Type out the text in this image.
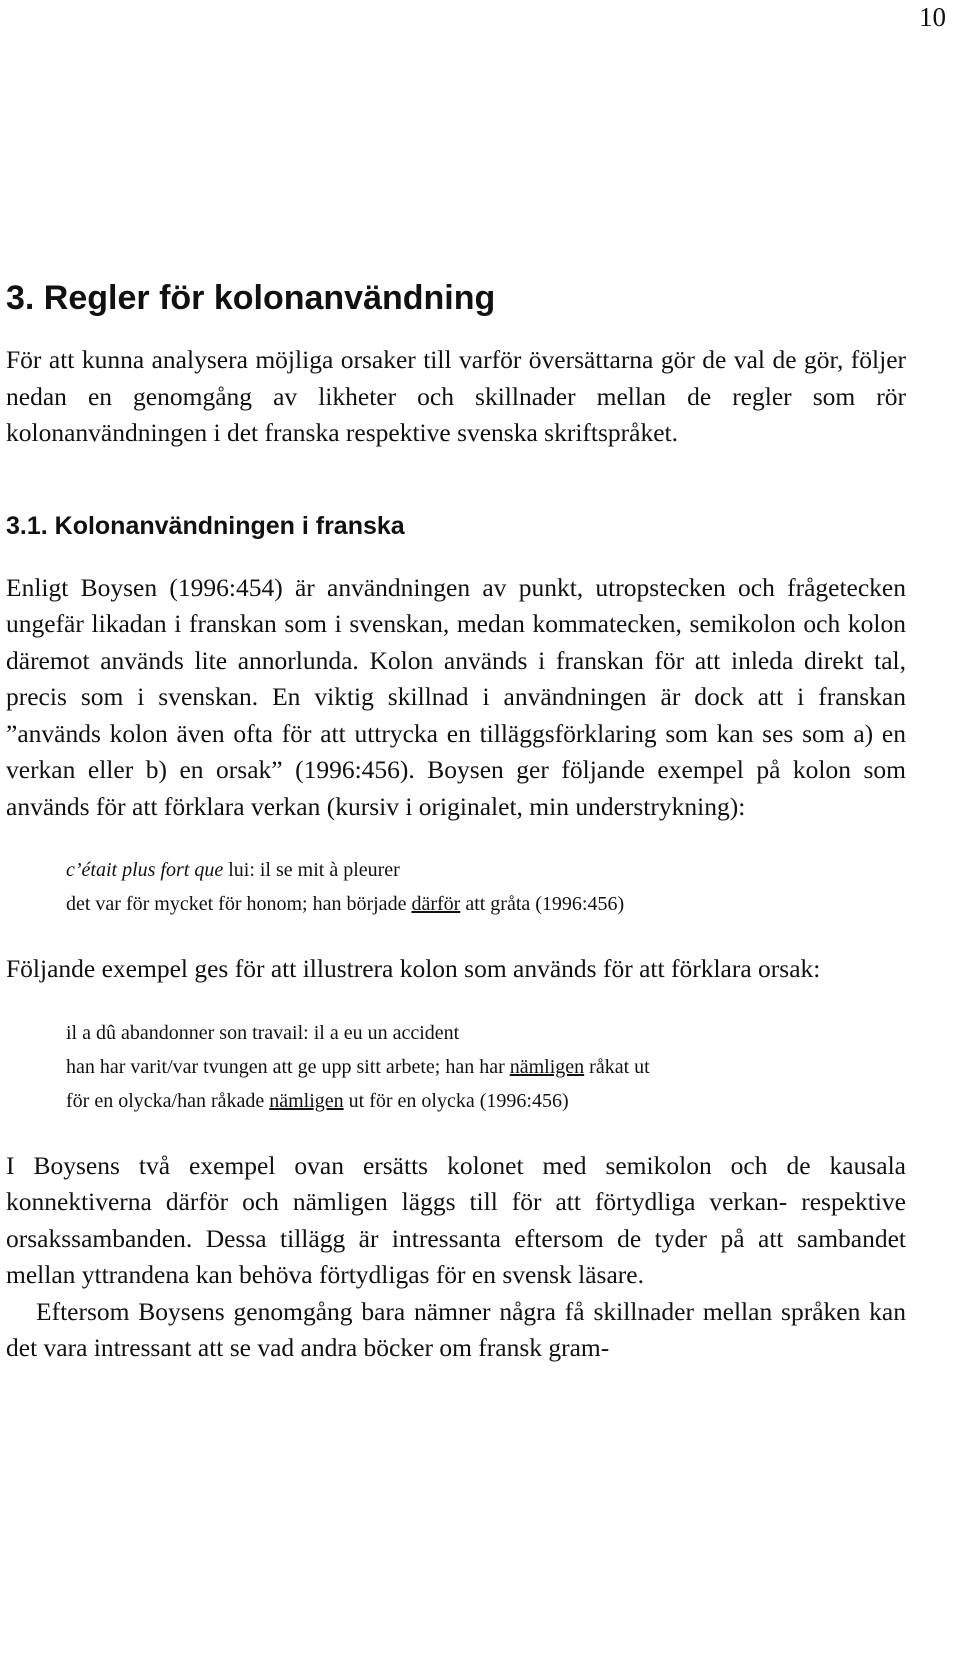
10
3. Regler för kolonanvändning

För att kunna analysera möjliga orsaker till varför översättarna gör de val de gör, följer nedan en genomgång av likheter och skillnader mellan de regler som rör kolonanvändningen i det franska respektive svenska skriftspråket.

3.1. Kolonanvändningen i franska

Enligt Boysen (1996:454) är användningen av punkt, utropstecken och frågetecken ungefär likadan i franskan som i svenskan, medan kommatecken, semikolon och kolon däremot används lite annorlunda. Kolon används i franskan för att inleda direkt tal, precis som i svenskan. En viktig skillnad i användningen är dock att i franskan ”används kolon även ofta för att uttrycka en tilläggsförklaring som kan ses som a) en verkan eller b) en orsak” (1996:456). Boysen ger följande exempel på kolon som används för att förklara verkan (kursiv i originalet, min understrykning):

c’était plus fort que lui: il se mit à pleurer
det var för mycket för honom; han började därför att gråta (1996:456)

Följande exempel ges för att illustrera kolon som används för att förklara orsak:

il a dû abandonner son travail: il a eu un accident
han har varit/var tvungen att ge upp sitt arbete; han har nämligen råkat ut
för en olycka/han råkade nämligen ut för en olycka (1996:456)

I Boysens två exempel ovan ersätts kolonet med semikolon och de kausala konnektiverna därför och nämligen läggs till för att förtydliga verkan- respektive orsakssambanden. Dessa tillägg är intressanta eftersom de tyder på att sambandet mellan yttrandena kan behöva förtydligas för en svensk läsare.

Eftersom Boysens genomgång bara nämner några få skillnader mellan språken kan det vara intressant att se vad andra böcker om fransk gram-
